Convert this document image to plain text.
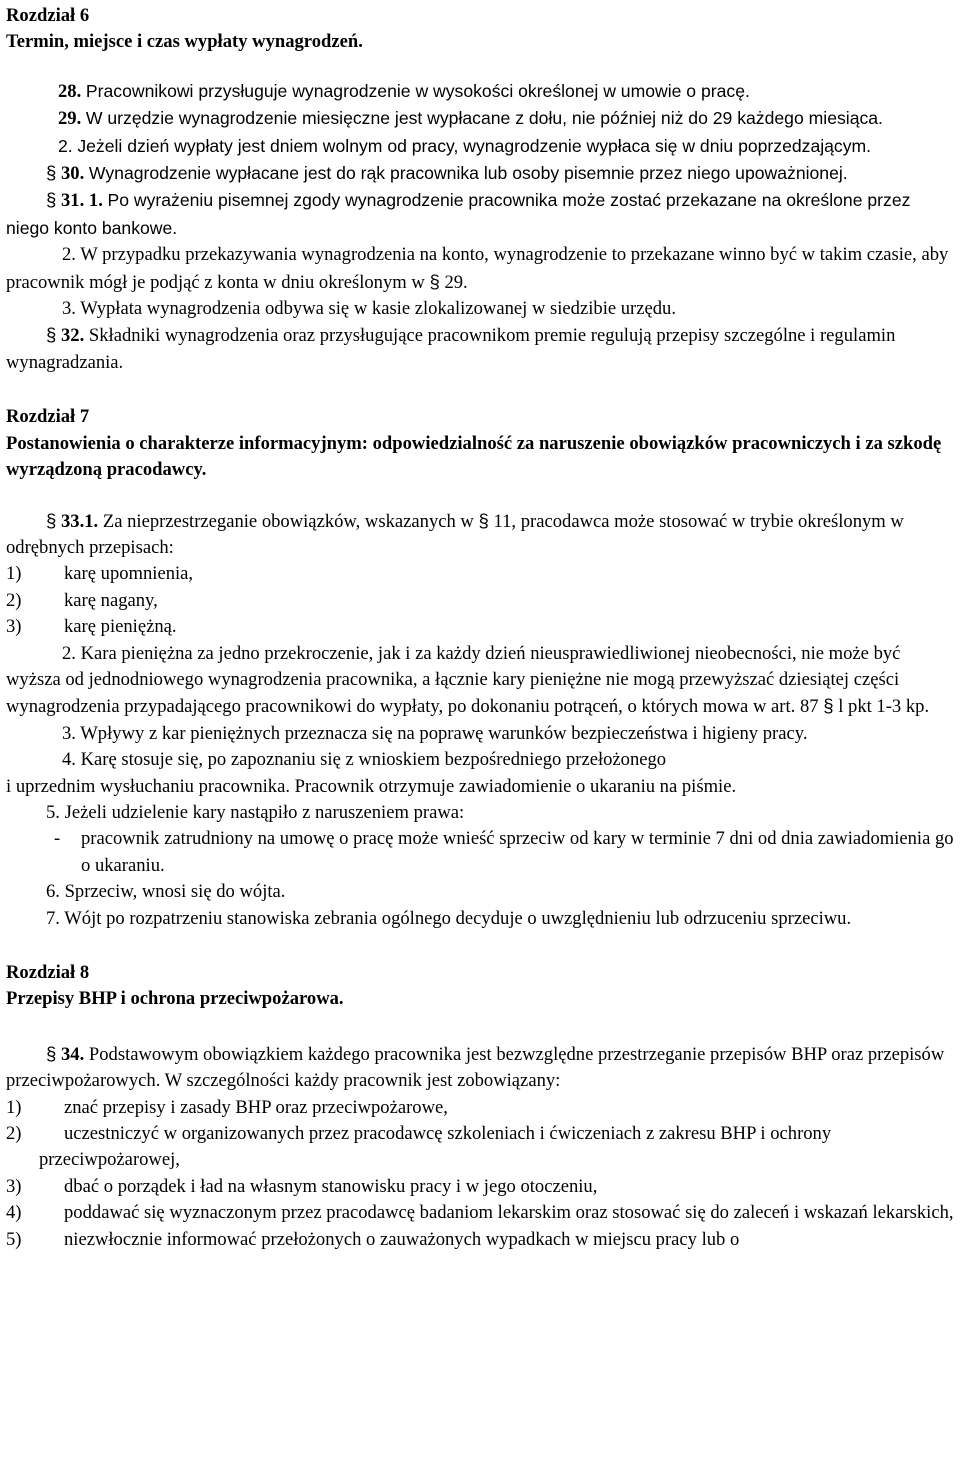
Rozdział 6

Termin, miejsce i czas wypłaty wynagrodzeń.

28. Pracownikowi przysługuje wynagrodzenie w wysokości określonej w umowie o pracę.

29. W urzędzie wynagrodzenie miesięczne jest wypłacane z dołu, nie później niż do 29 każdego miesiąca.

2. Jeżeli dzień wypłaty jest dniem wolnym od pracy, wynagrodzenie wypłaca się w dniu poprzedzającym.

§ 30. Wynagrodzenie wypłacane jest do rąk pracownika lub osoby pisemnie przez niego upoważnionej.

§ 31. 1. Po wyrażeniu pisemnej zgody wynagrodzenie pracownika może zostać przekazane na określone przez niego konto bankowe.

2. W przypadku przekazywania wynagrodzenia na konto, wynagrodzenie to przekazane winno być w takim czasie, aby pracownik mógł je podjąć z konta w dniu określonym w § 29.

3. Wypłata wynagrodzenia odbywa się w kasie zlokalizowanej w siedzibie urzędu.

§ 32. Składniki wynagrodzenia oraz przysługujące pracownikom premie regulują przepisy szczególne i regulamin wynagradzania.

Rozdział 7

Postanowienia o charakterze informacyjnym: odpowiedzialność za naruszenie obowiązków pracowniczych i za szkodę wyrządzoną pracodawcy.

§ 33.1. Za nieprzestrzeganie obowiązków, wskazanych w § 11, pracodawca może stosować w trybie określonym w odrębnych przepisach:

1) karę upomnienia,
2) karę nagany,
3) karę pieniężną.

2. Kara pieniężna za jedno przekroczenie, jak i za każdy dzień nieusprawiedliwionej nieobecności, nie może być wyższa od jednodniowego wynagrodzenia pracownika, a łącznie kary pieniężne nie mogą przewyższać dziesiątej części wynagrodzenia przypadającego pracownikowi do wypłaty, po dokonaniu potrąceń, o których mowa w art. 87 § l pkt 1-3 kp.

3. Wpływy z kar pieniężnych przeznacza się na poprawę warunków bezpieczeństwa i higieny pracy.

4. Karę stosuje się, po zapoznaniu się z wnioskiem bezpośredniego przełożonego

i uprzednim wysłuchaniu pracownika. Pracownik otrzymuje zawiadomienie o ukaraniu na piśmie.

5. Jeżeli udzielenie kary nastąpiło z naruszeniem prawa:

- pracownik zatrudniony na umowę o pracę może wnieść sprzeciw od kary w terminie 7 dni od dnia zawiadomienia go o ukaraniu.

6. Sprzeciw, wnosi się do wójta.

7. Wójt po rozpatrzeniu stanowiska zebrania ogólnego decyduje o uwzględnieniu lub odrzuceniu sprzeciwu.

Rozdział 8

Przepisy BHP i ochrona przeciwpożarowa.

§ 34. Podstawowym obowiązkiem każdego pracownika jest bezwzględne przestrzeganie przepisów BHP oraz przepisów przeciwpożarowych. W szczególności każdy pracownik jest zobowiązany:

1) znać przepisy i zasady BHP oraz przeciwpożarowe,
2) uczestniczyć w organizowanych przez pracodawcę szkoleniach i ćwiczeniach z zakresu BHP i ochrony przeciwpożarowej,
3) dbać o porządek i ład na własnym stanowisku pracy i w jego otoczeniu,
4) poddawać się wyznaczonym przez pracodawcę badaniom lekarskim oraz stosować się do zaleceń i wskazań lekarskich,
5) niezwłocznie informować przełożonych o zauważonych wypadkach w miejscu pracy lub o
